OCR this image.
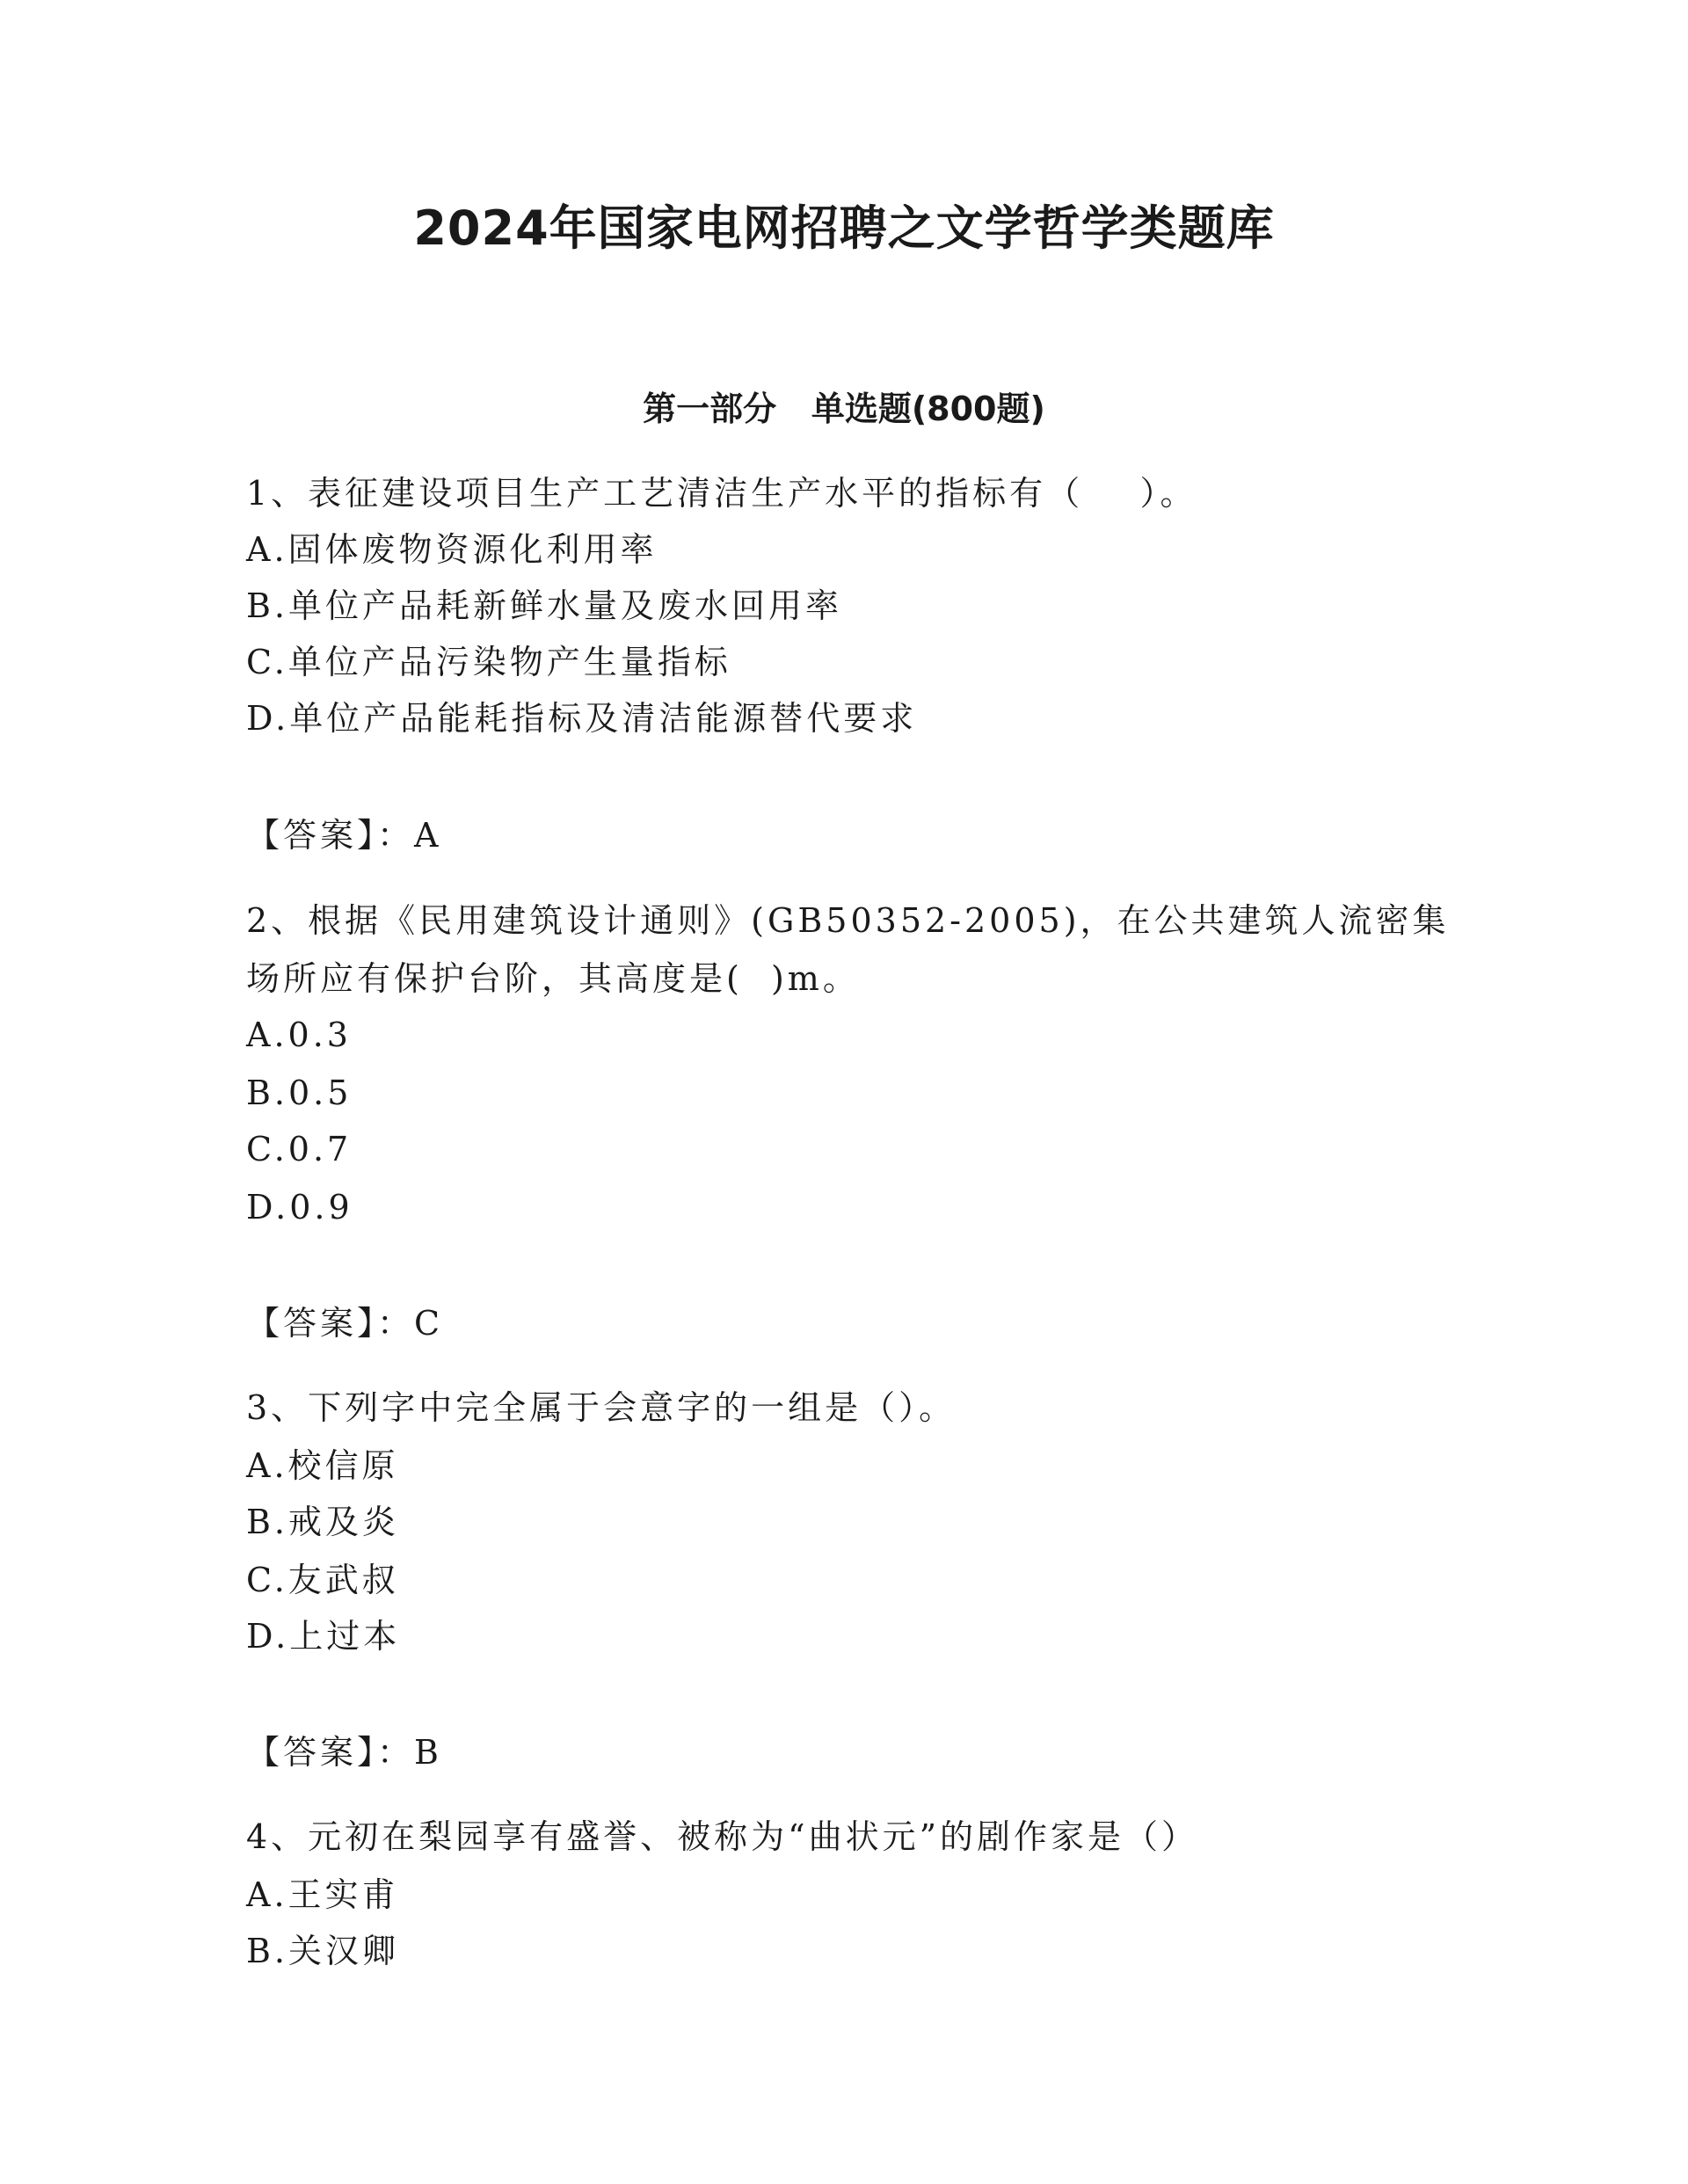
2024年国家电网招聘之文学哲学类题库
第一部分   单选题(800题)

1、表征建设项目生产工艺清洁生产水平的指标有（    ）。

A.固体废物资源化利用率

B.单位产品耗新鲜水量及废水回用率

C.单位产品污染物产生量指标

D.单位产品能耗指标及清洁能源替代要求

【答案】：A

2、根据《民用建筑设计通则》(GB50352-2005)，在公共建筑人流密集

场所应有保护台阶，其高度是(  )m。

A.0.3

B.0.5

C.0.7

D.0.9

【答案】：C

3、下列字中完全属于会意字的一组是（）。

A.校信原

B.戒及炎

C.友武叔

D.上过本

【答案】：B

4、元初在梨园享有盛誉、被称为“曲状元”的剧作家是（）

A.王实甫

B.关汉卿
